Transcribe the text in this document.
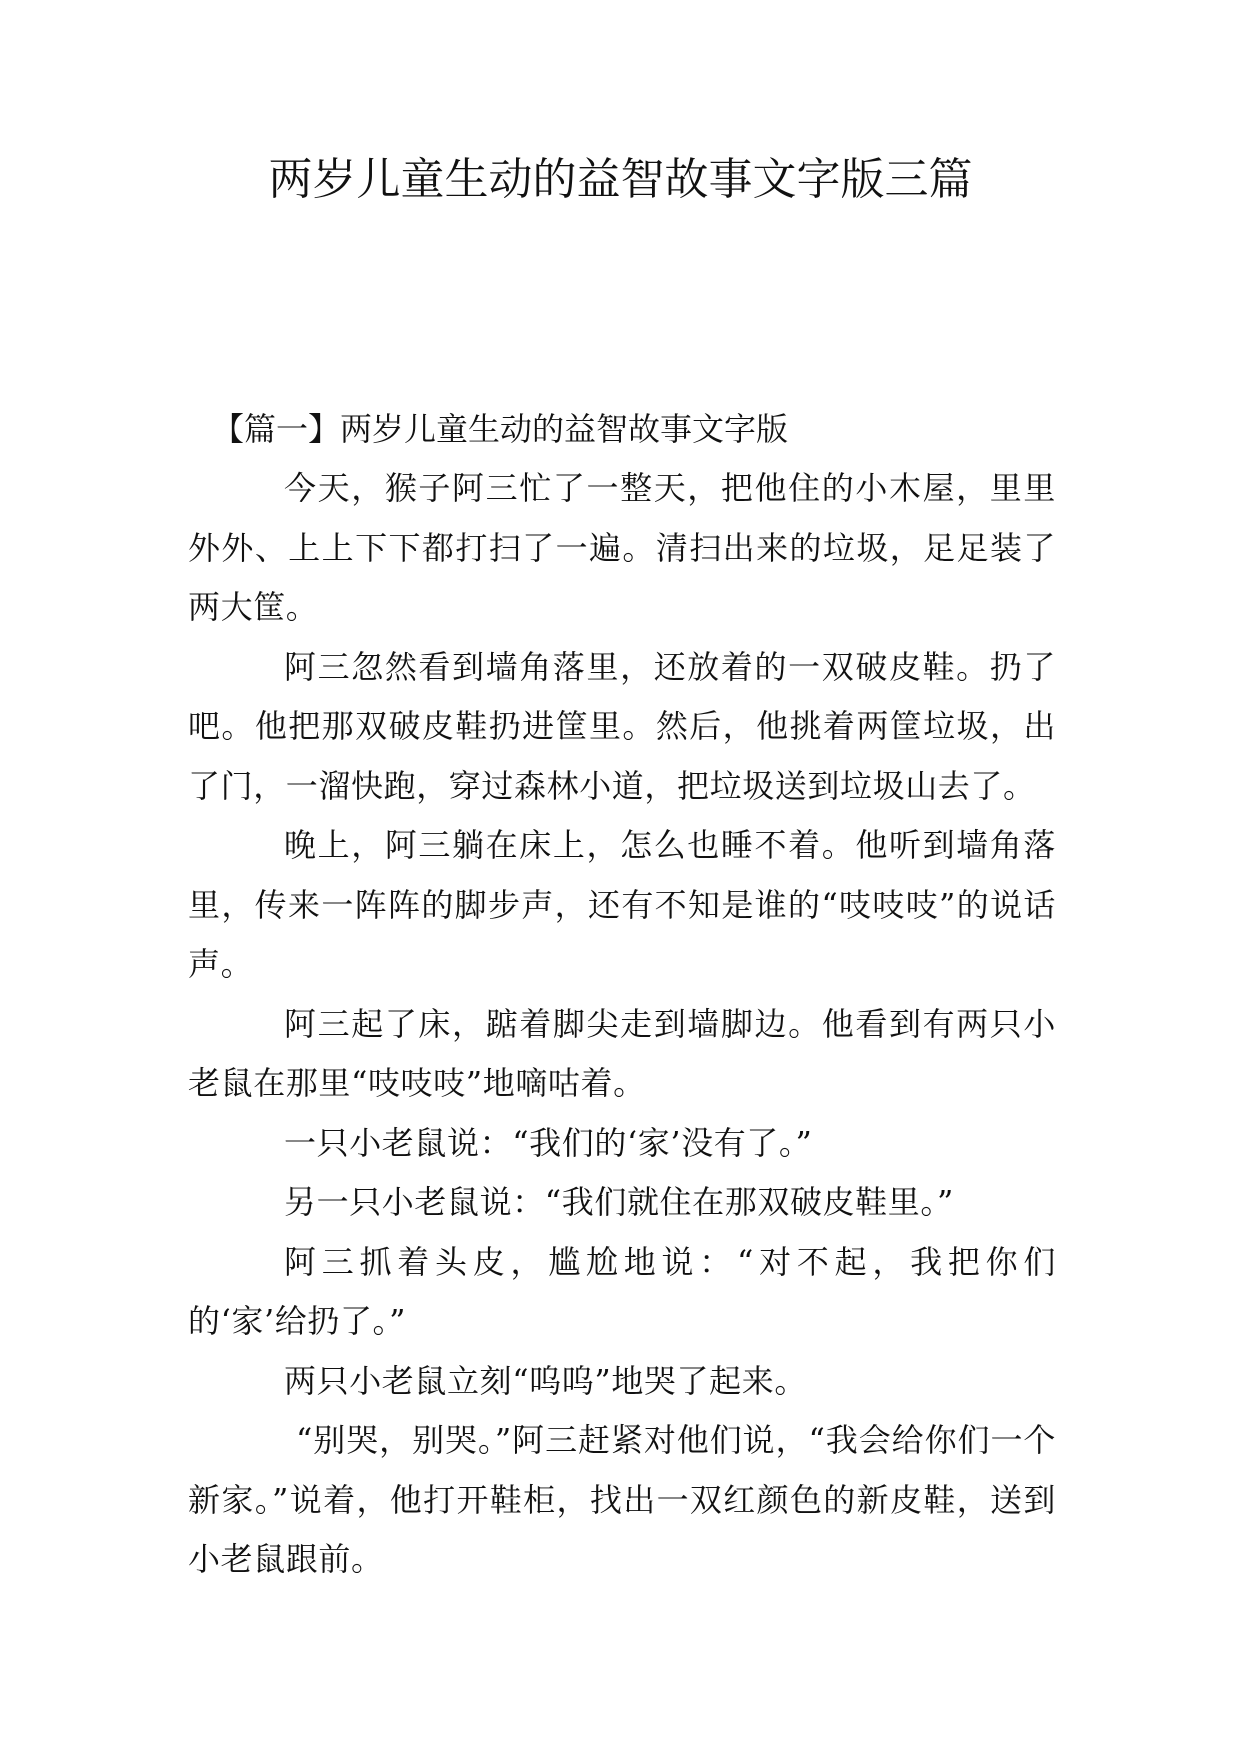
两岁儿童生动的益智故事文字版三篇

【篇一】两岁儿童生动的益智故事文字版

今天，猴子阿三忙了一整天，把他住的小木屋，里里外外、上上下下都打扫了一遍。清扫出来的垃圾，足足装了两大筐。

阿三忽然看到墙角落里，还放着的一双破皮鞋。扔了吧。他把那双破皮鞋扔进筐里。然后，他挑着两筐垃圾，出了门，一溜快跑，穿过森林小道，把垃圾送到垃圾山去了。

晚上，阿三躺在床上，怎么也睡不着。他听到墙角落里，传来一阵阵的脚步声，还有不知是谁的“吱吱吱”的说话声。

阿三起了床，踮着脚尖走到墙脚边。他看到有两只小老鼠在那里“吱吱吱”地嘀咕着。

一只小老鼠说：“我们的‘家’没有了。”

另一只小老鼠说：“我们就住在那双破皮鞋里。”

阿三抓着头皮，尴尬地说：“对不起，我把你们的‘家’给扔了。”

两只小老鼠立刻“呜呜”地哭了起来。

“别哭，别哭。”阿三赶紧对他们说，“我会给你们一个新家。”说着，他打开鞋柜，找出一双红颜色的新皮鞋，送到小老鼠跟前。
